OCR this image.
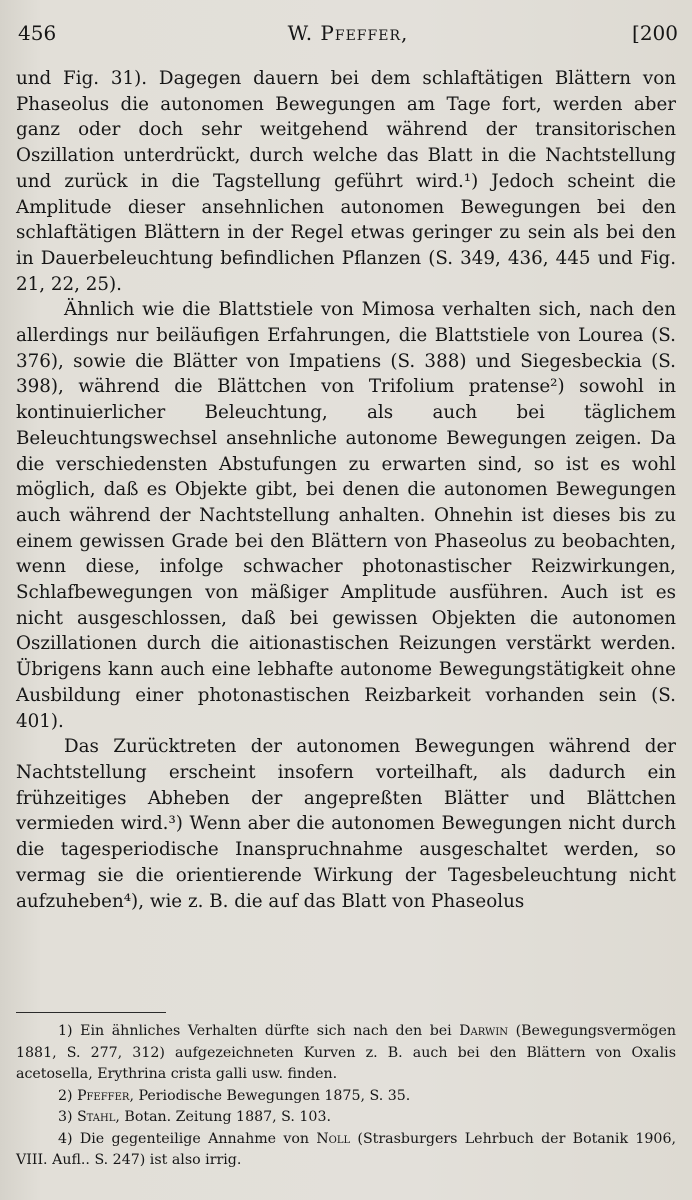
456	W. Pfeffer,	[200

und Fig. 31). Dagegen dauern bei dem schlaftätigen Blättern von Phaseolus die autonomen Bewegungen am Tage fort, werden aber ganz oder doch sehr weitgehend während der transitorischen Oszillation unterdrückt, durch welche das Blatt in die Nachtstellung und zurück in die Tagstellung geführt wird.¹) Jedoch scheint die Amplitude dieser ansehnlichen autonomen Bewegungen bei den schlaftätigen Blättern in der Regel etwas geringer zu sein als bei den in Dauerbeleuchtung befindlichen Pflanzen (S. 349, 436, 445 und Fig. 21, 22, 25).

Ähnlich wie die Blattstiele von Mimosa verhalten sich, nach den allerdings nur beiläufigen Erfahrungen, die Blattstiele von Lourea (S. 376), sowie die Blätter von Impatiens (S. 388) und Siegesbeckia (S. 398), während die Blättchen von Trifolium pratense²) sowohl in kontinuierlicher Beleuchtung, als auch bei täglichem Beleuchtungswechsel ansehnliche autonome Bewegungen zeigen. Da die verschiedensten Abstufungen zu erwarten sind, so ist es wohl möglich, daß es Objekte gibt, bei denen die autonomen Bewegungen auch während der Nachtstellung anhalten. Ohnehin ist dieses bis zu einem gewissen Grade bei den Blättern von Phaseolus zu beobachten, wenn diese, infolge schwacher photonastischer Reizwirkungen, Schlafbewegungen von mäßiger Amplitude ausführen. Auch ist es nicht ausgeschlossen, daß bei gewissen Objekten die autonomen Oszillationen durch die aitionastischen Reizungen verstärkt werden. Übrigens kann auch eine lebhafte autonome Bewegungstätigkeit ohne Ausbildung einer photonastischen Reizbarkeit vorhanden sein (S. 401).

Das Zurücktreten der autonomen Bewegungen während der Nachtstellung erscheint insofern vorteilhaft, als dadurch ein frühzeitiges Abheben der angepreßten Blätter und Blättchen vermieden wird.³) Wenn aber die autonomen Bewegungen nicht durch die tagesperiodische Inanspruchnahme ausgeschaltet werden, so vermag sie die orientierende Wirkung der Tagesbeleuchtung nicht aufzuheben⁴), wie z. B. die auf das Blatt von Phaseolus

1) Ein ähnliches Verhalten dürfte sich nach den bei Darwin (Bewegungsvermögen 1881, S. 277, 312) aufgezeichneten Kurven z. B. auch bei den Blättern von Oxalis acetosella, Erythrina crista galli usw. finden.

2) Pfeffer, Periodische Bewegungen 1875, S. 35.

3) Stahl, Botan. Zeitung 1887, S. 103.

4) Die gegenteilige Annahme von Noll (Strasburgers Lehrbuch der Botanik 1906, VIII. Aufl.. S. 247) ist also irrig.
